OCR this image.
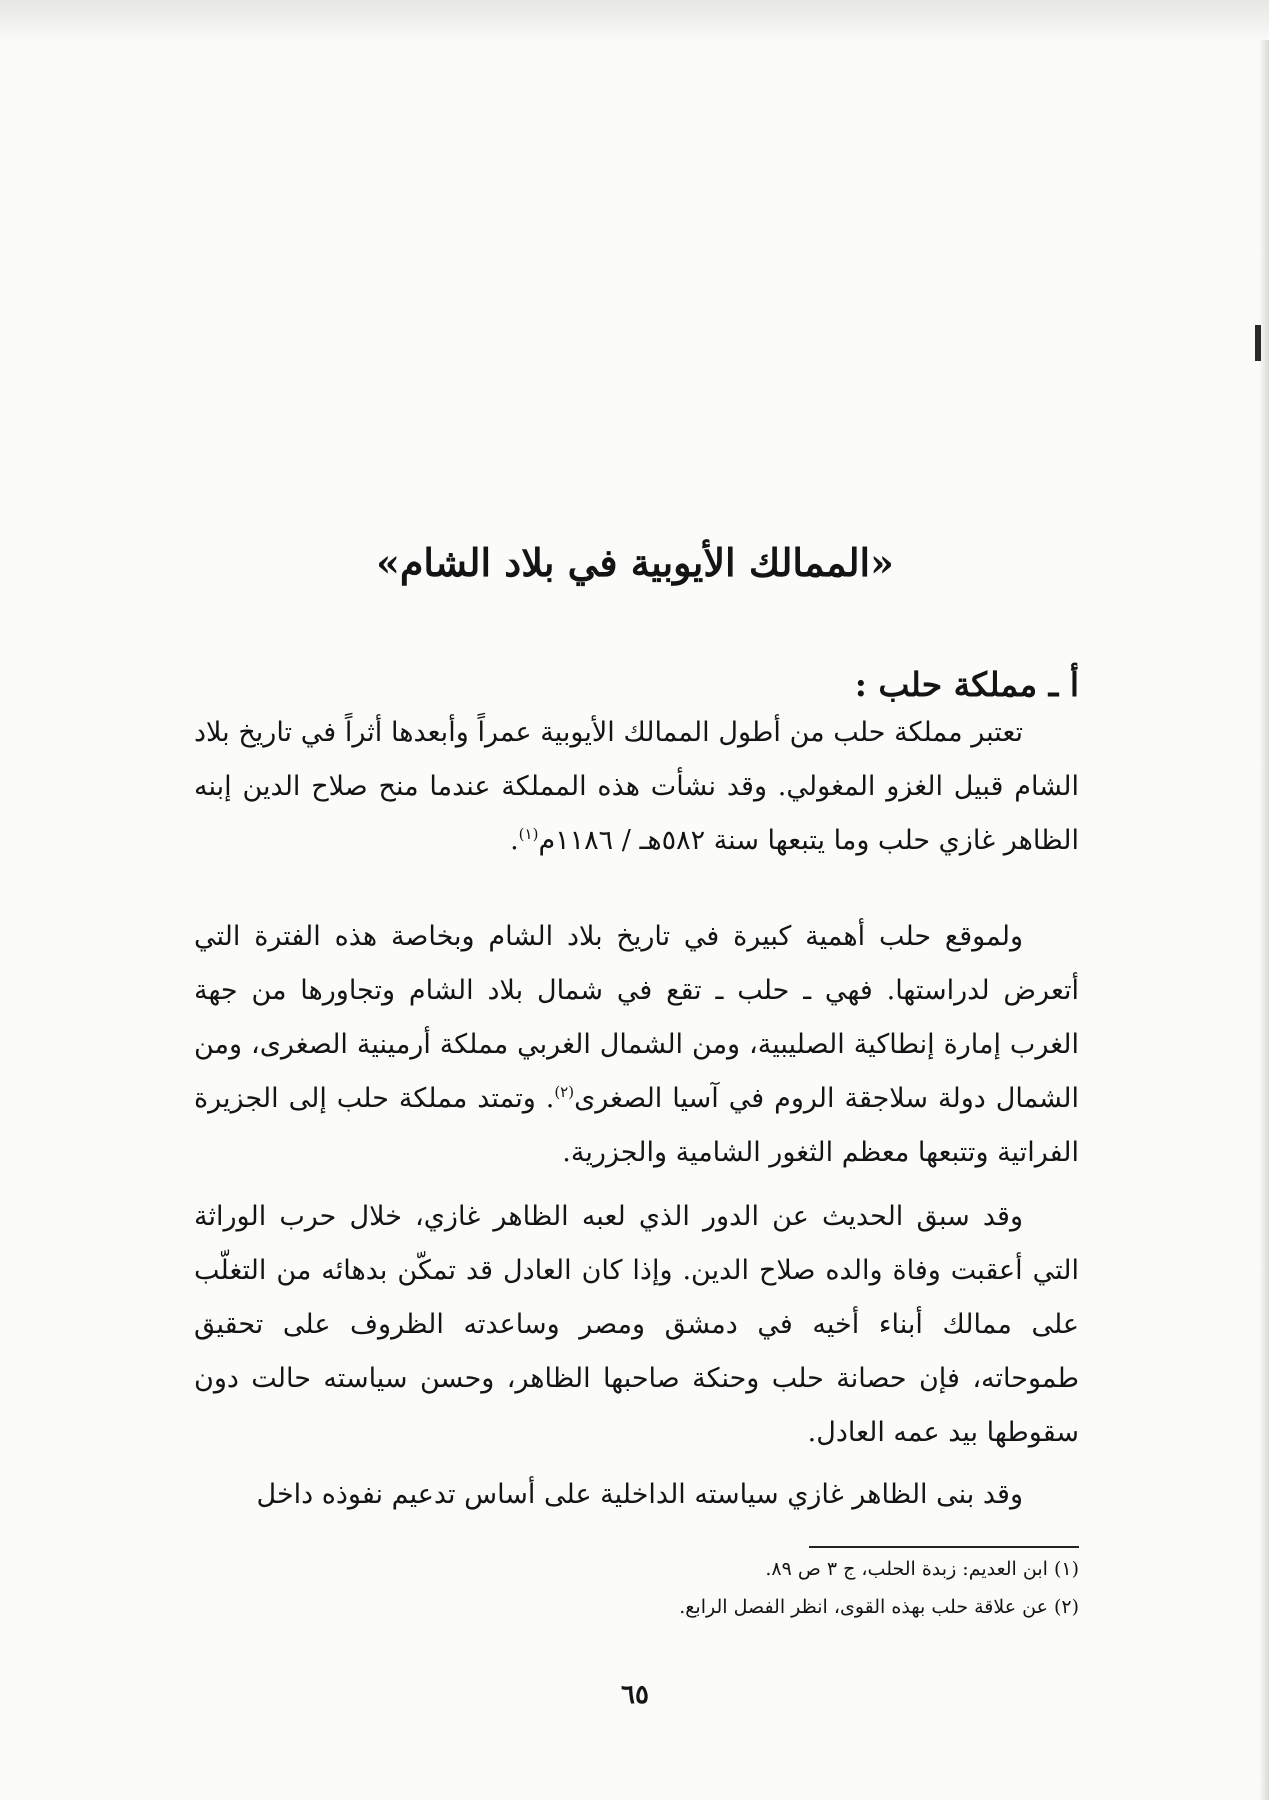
«الممالك الأيوبية في بلاد الشام»
أ ـ مملكة حلب :
تعتبر مملكة حلب من أطول الممالك الأيوبية عمراً وأبعدها أثراً في تاريخ بلاد الشام قبيل الغزو المغولي. وقد نشأت هذه المملكة عندما منح صلاح الدين إبنه الظاهر غازي حلب وما يتبعها سنة ٥٨٢هـ / ١١٨٦م$^{(١)}$.
ولموقع حلب أهمية كبيرة في تاريخ بلاد الشام وبخاصة هذه الفترة التي أتعرض لدراستها. فهي ـ حلب ـ تقع في شمال بلاد الشام وتجاورها من جهة الغرب إمارة إنطاكية الصليبية، ومن الشمال الغربي مملكة أرمينية الصغرى، ومن الشمال دولة سلاجقة الروم في آسيا الصغرى$^{(٢)}$. وتمتد مملكة حلب إلى الجزيرة الفراتية وتتبعها معظم الثغور الشامية والجزرية.
وقد سبق الحديث عن الدور الذي لعبه الظاهر غازي، خلال حرب الوراثة التي أعقبت وفاة والده صلاح الدين. وإذا كان العادل قد تمكّن بدهائه من التغلّب على ممالك أبناء أخيه في دمشق ومصر وساعدته الظروف على تحقيق طموحاته، فإن حصانة حلب وحنكة صاحبها الظاهر، وحسن سياسته حالت دون سقوطها بيد عمه العادل.
وقد بنى الظاهر غازي سياسته الداخلية على أساس تدعيم نفوذه داخل
(١) ابن العديم: زبدة الحلب، ج ٣ ص ٨٩.
(٢) عن علاقة حلب بهذه القوى، انظر الفصل الرابع.
٦٥
